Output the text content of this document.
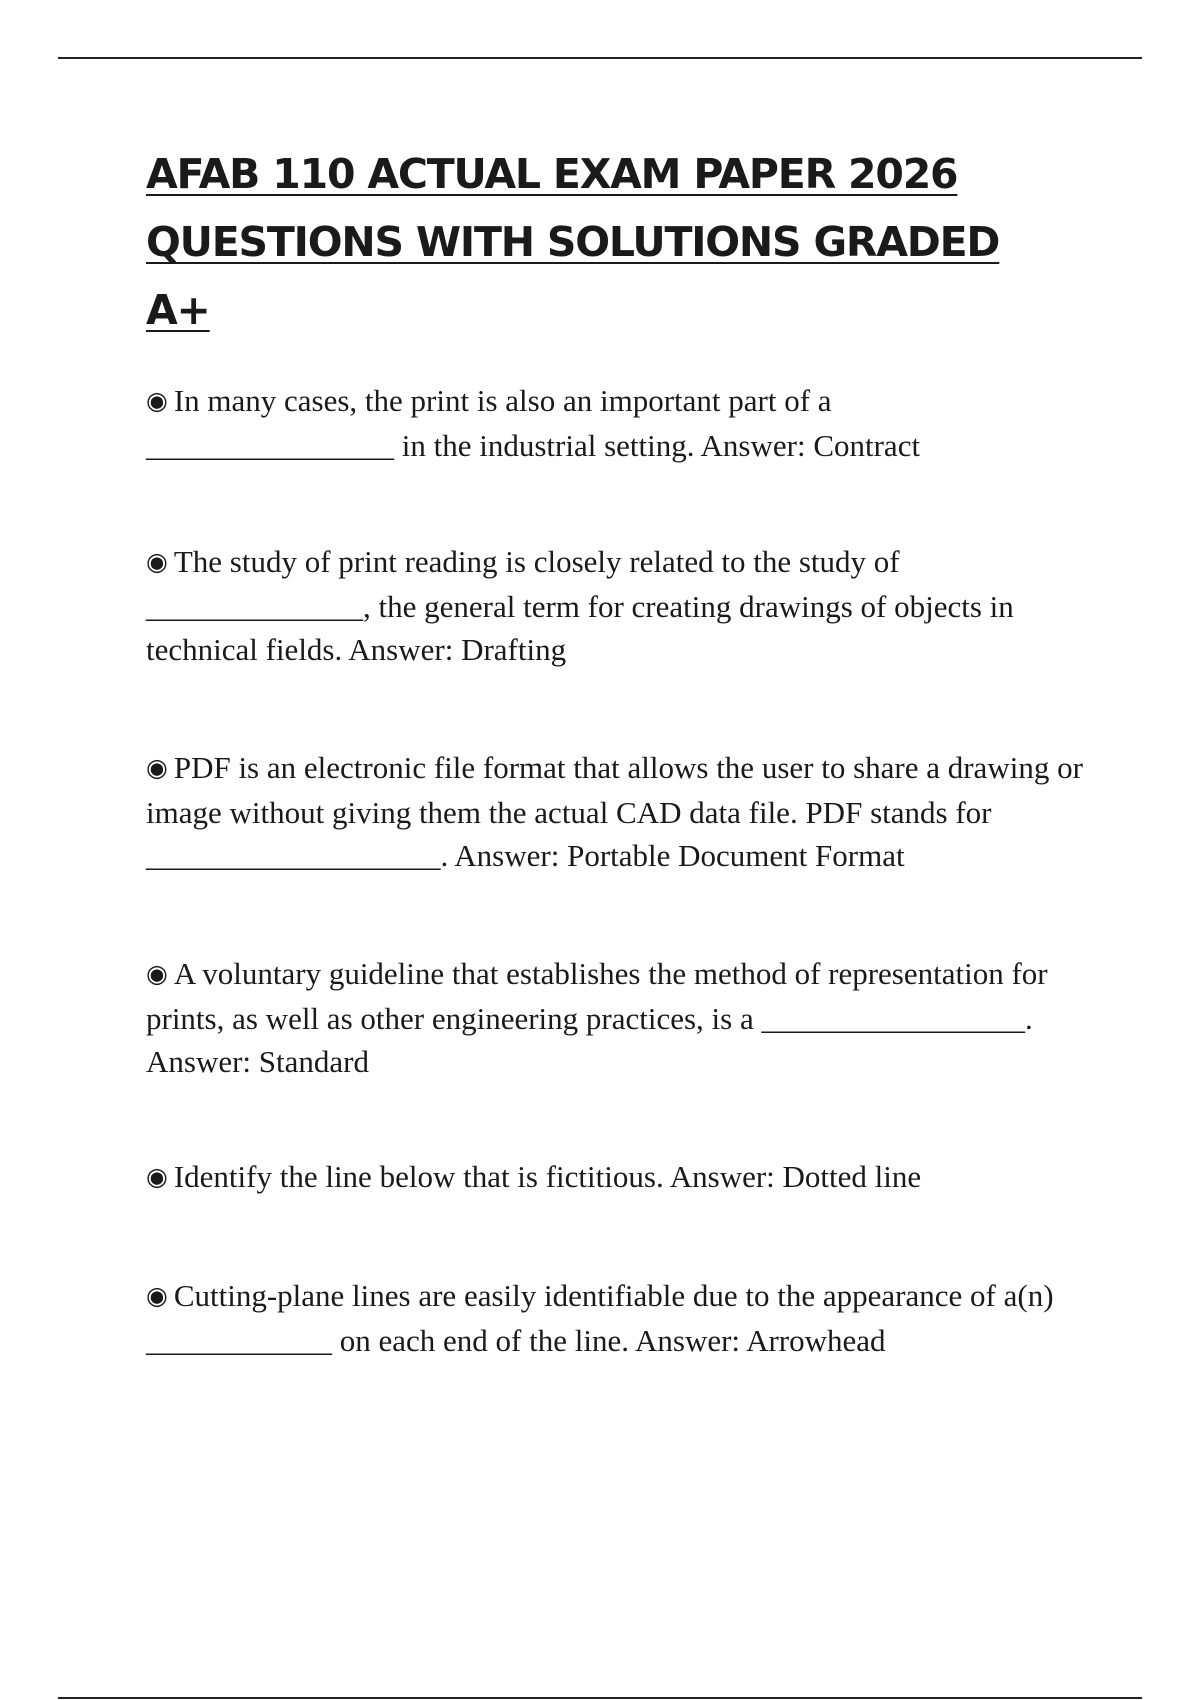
AFAB 110 ACTUAL EXAM PAPER 2026
QUESTIONS WITH SOLUTIONS GRADED A+

◉ In many cases, the print is also an important part of a
________________ in the industrial setting. Answer: Contract

◉ The study of print reading is closely related to the study of
______________, the general term for creating drawings of objects in technical fields. Answer: Drafting

◉ PDF is an electronic file format that allows the user to share a drawing or image without giving them the actual CAD data file. PDF stands for ___________________. Answer: Portable Document Format

◉ A voluntary guideline that establishes the method of representation for prints, as well as other engineering practices, is a _________________. Answer: Standard

◉ Identify the line below that is fictitious. Answer: Dotted line

◉ Cutting-plane lines are easily identifiable due to the appearance of a(n) ____________ on each end of the line. Answer: Arrowhead
